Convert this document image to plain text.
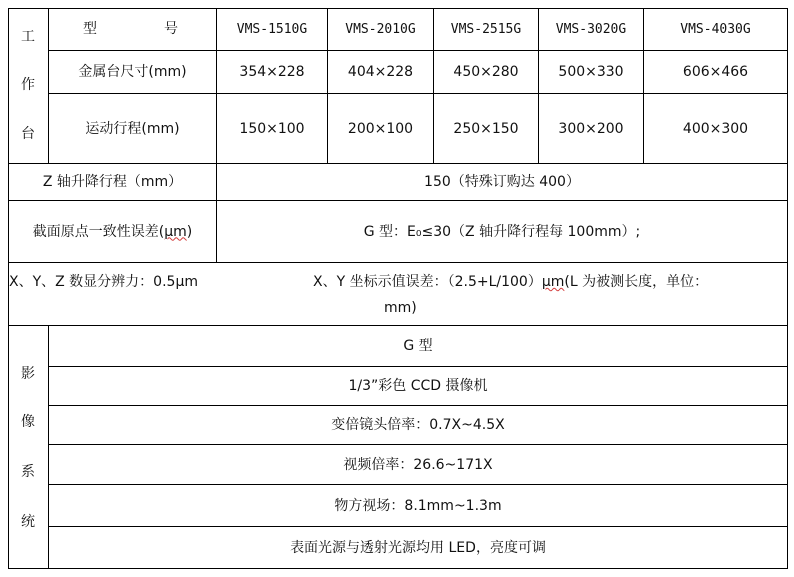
工
作
台
型	号	VMS-1510G	VMS-2010G	VMS-2515G	VMS-3020G	VMS-4030G
金属台尺寸(mm)	354×228	404×228	450×280	500×330	606×466
运动行程(mm)	150×100	200×100	250×150	300×200	400×300
Z 轴升降行程（mm）	150（特殊订购达 400）
截面原点一致性误差( μm )	G 型：E₀≤30（Z 轴升降行程每 100mm）;
X、Y、Z 数显分辨力：0.5μm	X、Y 坐标示值误差：（2.5+L/100）μm(L 为被测长度，单位：
mm)
影
像
系
统
G 型
1/3”彩色 CCD 摄像机
变倍镜头倍率：0.7X~4.5X
视频倍率：26.6~171X
物方视场：8.1mm~1.3m
表面光源与透射光源均用 LED，亮度可调
